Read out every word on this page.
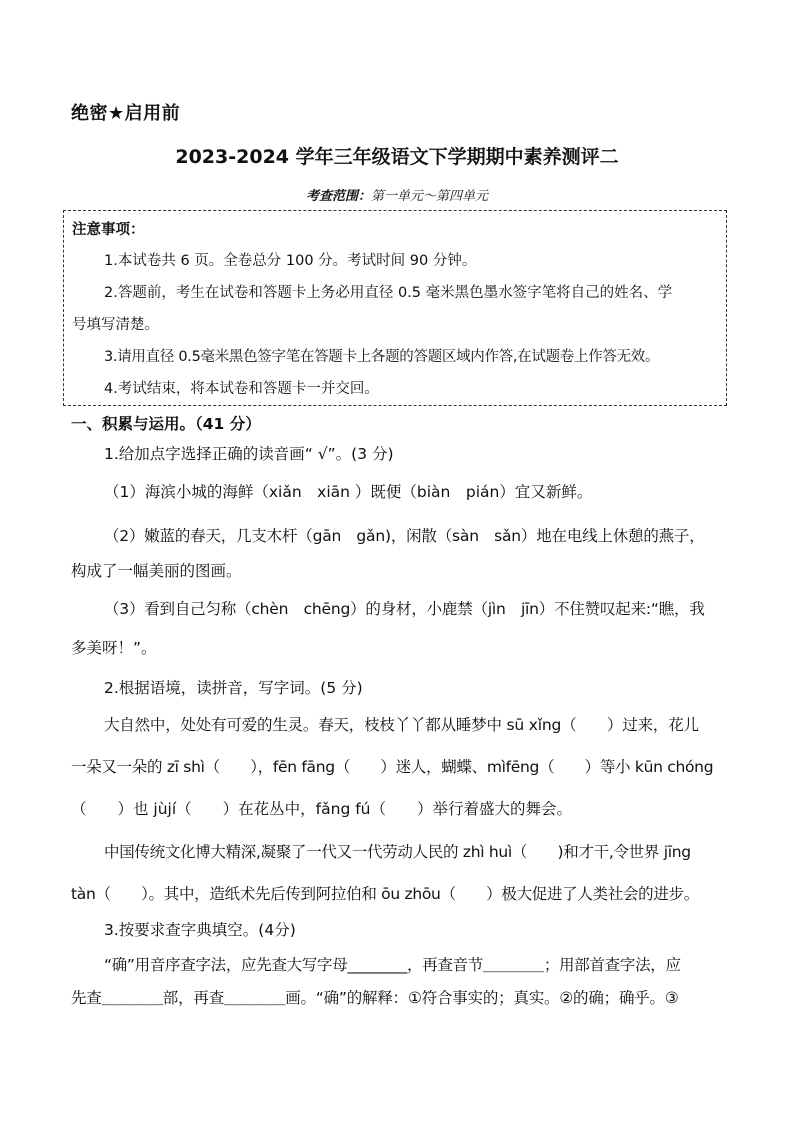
绝密★启用前
2023-2024 学年三年级语文下学期期中素养测评二
考查范围：第一单元～第四单元
注意事项：
1.本试卷共 6 页。全卷总分 100 分。考试时间 90 分钟。
2.答题前，考生在试卷和答题卡上务必用直径 0.5 毫米黑色墨水签字笔将自己的姓名、学
号填写清楚。
3.请用直径 0.5毫米黑色签字笔在答题卡上各题的答题区域内作答,在试题卷上作答无效。
4.考试结束，将本试卷和答题卡一并交回。
一、积累与运用。（41 分）
1.给加点字选择正确的读音画“ √”。(3 分)
（1）海滨小城的海鲜（xiǎn　xiān ）既便（biàn　pián）宜又新鲜。
（2）嫩蓝的春天，几支木杆（gān　gǎn)，闲散（sàn　sǎn）地在电线上休憩的燕子，
构成了一幅美丽的图画。
（3）看到自己匀称（chèn　chēng）的身材，小鹿禁（jìn　jīn）不住赞叹起来:“瞧，我
多美呀！”。
2.根据语境，读拼音，写字词。(5 分)
大自然中，处处有可爱的生灵。春天，枝枝丫丫都从睡梦中 sū xǐng（　　）过来，花儿
一朵又一朵的 zī shì（　　），fēn fāng（　　）迷人，蝴蝶、mìfēng（　　）等小 kūn chóng
（　　）也 jùjí（　　）在花丛中，fǎng fú（　　）举行着盛大的舞会。
中国传统文化博大精深,凝聚了一代又一代劳动人民的 zhì huì（　　)和才干,令世界 jīng
tàn（　　）。其中，造纸术先后传到阿拉伯和 ōu zhōu（　　）极大促进了人类社会的进步。
3.按要求查字典填空。(4分)
“确”用音序查字法，应先查大写字母________，再查音节＿＿＿＿；用部首查字法，应
先查＿＿＿＿部，再查＿＿＿＿画。“确”的解释：①符合事实的；真实。②的确；确乎。③
